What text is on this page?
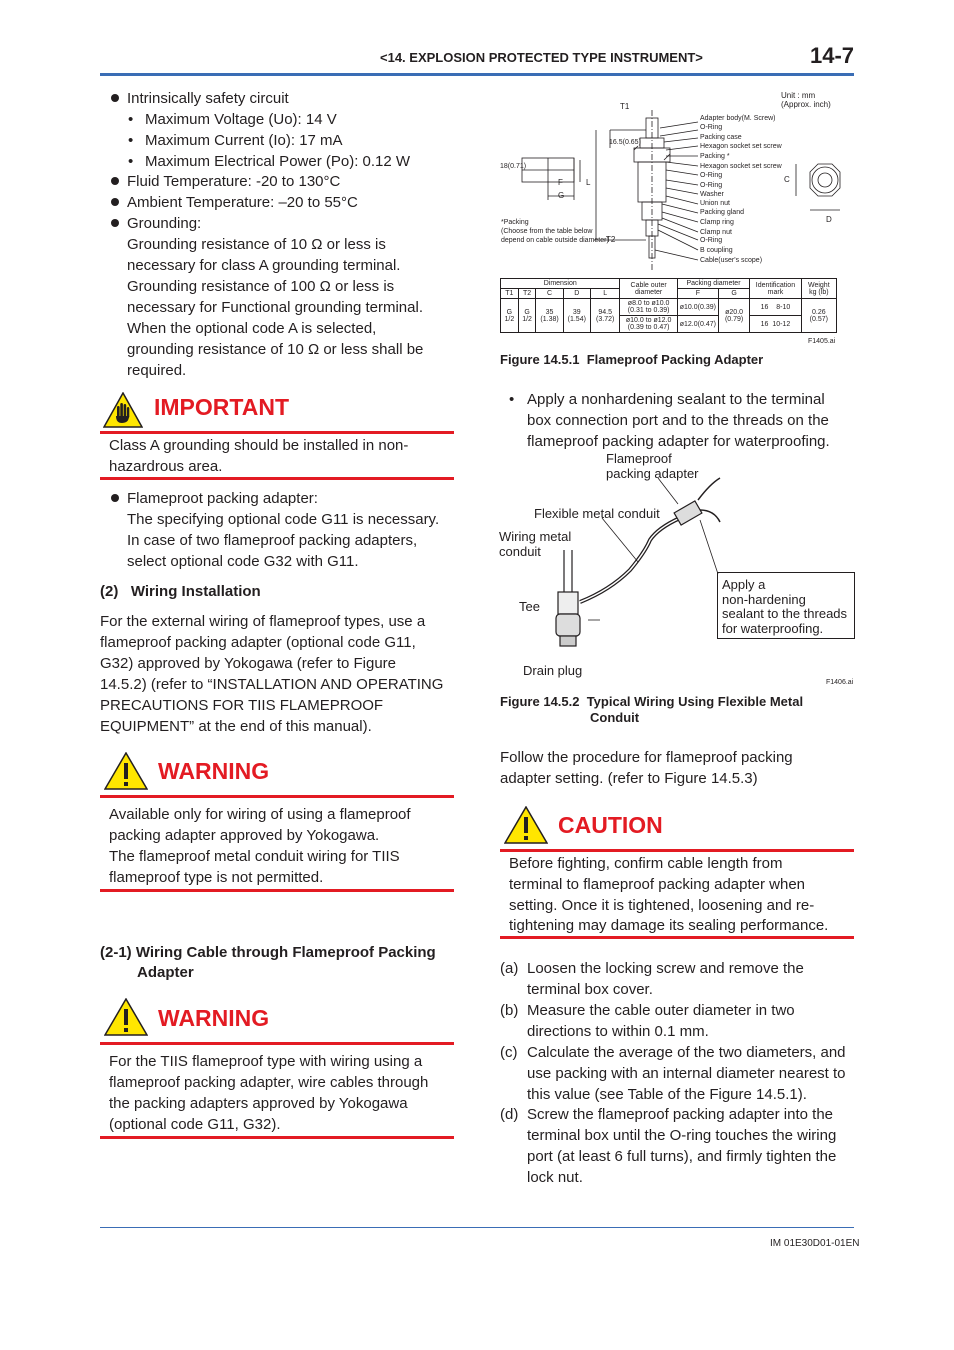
<14. EXPLOSION PROTECTED TYPE INSTRUMENT>	14-7
Intrinsically safety circuit
• Maximum Voltage (Uo): 14 V
• Maximum Current (Io): 17 mA
• Maximum Electrical Power (Po): 0.12 W
Fluid Temperature: -20 to 130°C
Ambient Temperature: –20 to 55°C
Grounding:
Grounding resistance of 10 Ω or less is
necessary for class A grounding terminal.
Grounding resistance of 100 Ω or less is
necessary for Functional grounding terminal.
When the optional code A is selected,
grounding resistance of 10 Ω or less shall be
required.
IMPORTANT
Class A grounding should be installed in non-
hazardrous area.
Flameproot packing adapter:
The specifying optional code G11 is necessary.
In case of two flameproof packing adapters,
select optional code G32 with G11.
(2)   Wiring Installation
For the external wiring of flameproof types, use a
flameproof packing adapter (optional code G11,
G32) approved by Yokogawa (refer to Figure
14.5.2) (refer to “INSTALLATION AND OPERATING
PRECAUTIONS FOR TIIS FLAMEPROOF
EQUIPMENT” at the end of this manual).
WARNING
Available only for wiring of using a flameproof
packing adapter approved by Yokogawa.
The flameproof metal conduit wiring for TIIS
flameproof type is not permitted.
(2-1) Wiring Cable through Flameproof Packing
Adapter
WARNING
For the TIIS flameproof type with wiring using a
flameproof packing adapter, wire cables through
the packing adapters approved by Yokogawa
(optional code G11, G32).
Unit : mm
(Approx. inch)
T1
T2
16.5(0.65)
18(0.71)
F
G
L	C
D
*Packing
(Choose from the table below
depend on cable outside diameter)
Adapter body(M. Screw)
O-Ring
Packing case
Hexagon socket set screw
Packing *
Hexagon socket set screw
O-Ring
O-Ring
Washer
Union nut
Packing gland
Clamp ring
Clamp nut
O-Ring
B coupling
Cable(user's scope)
Dimension					Cable outer diameter	Packing diameter		Identification mark	Weight kg (lb)
T1	T2	C	D	L		F	G		
G 1/2	G 1/2	35 (1.38)	39 (1.54)	94.5 (3.72)	ø8.0 to ø10.0 (0.31 to 0.39)	ø10.0(0.39)	ø20.0 (0.79)	16    8-10	0.26 (0.57)
					ø10.0 to ø12.0 (0.39 to 0.47)	ø12.0(0.47)		16  10-12	
F1405.ai
Figure 14.5.1  Flameproof Packing Adapter
• Apply a nonhardening sealant to the terminal
box connection port and to the threads on the
flameproof packing adapter for waterproofing.
Flameproof
packing adapter
Flexible metal conduit
Wiring metal
conduit
Tee
Drain plug
Apply a
non-hardening
sealant to the threads
for waterproofing.
F1406.ai
Figure 14.5.2  Typical Wiring Using Flexible Metal
Conduit
Follow the procedure for flameproof packing
adapter setting. (refer to Figure 14.5.3)
CAUTION
Before fighting, confirm cable length from
terminal to flameproof packing adapter when
setting. Once it is tightened, loosening and re-
tightening may damage its sealing performance.
(a) Loosen the locking screw and remove the
terminal box cover.
(b) Measure the cable outer diameter in two
directions to within 0.1 mm.
(c) Calculate the average of the two diameters, and
use packing with an internal diameter nearest to
this value (see Table of the Figure 14.5.1).
(d) Screw the flameproof packing adapter into the
terminal box until the O-ring touches the wiring
port (at least 6 full turns), and firmly tighten the
lock nut.
IM 01E30D01-01EN
